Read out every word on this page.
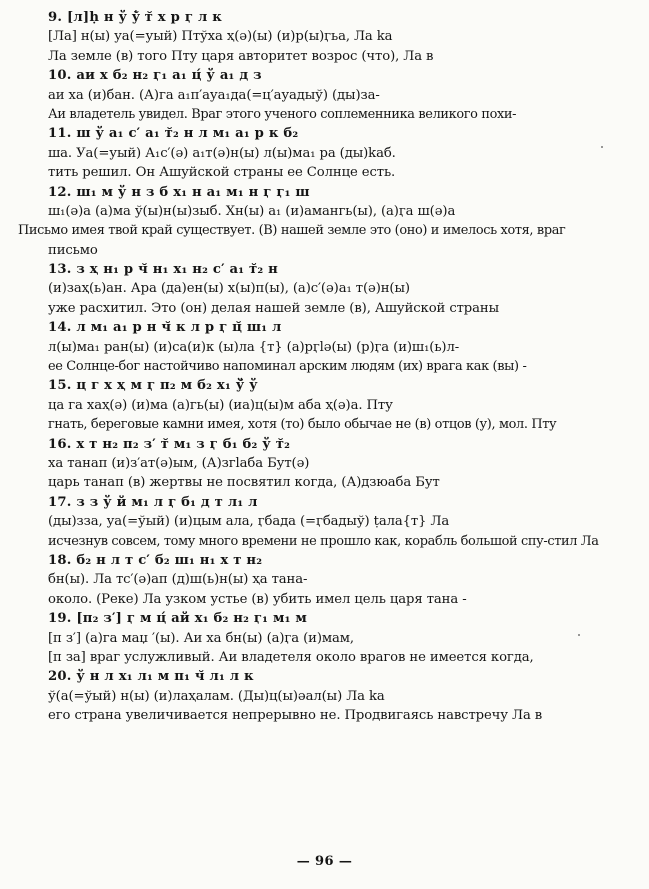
9. [л]ḥ н ў ẏ̆ т̆ х р ӷ л к
[Ла] н(ы) уа(=уый) Птўха ҳ(ә)(ы) (и)р(ы)ӷьа, Ла ka
Ла земле (в) того Пту царя авторитет возрос (что), Ла в
10. аи х б₂ н₂ ӷ₁ а₁ ц́ ў а₁ д з
аи ха (и)бан. (А)га а₁п′ауа₁да(=ц′ауадыў) (ды)за-
Аи владетель увидел. Враг этого ученого соплеменника великого похи-
11. ш ў а₁ с′ а₁ т̆₂ н л м₁ а₁ р к б₂
ша. Уа(=уый) А₁с′(ә) а₁т(ә)н(ы) л(ы)ма₁ ра (ды)kаб.
тить решил. Он Ашуйской страны ее Солнце есть.
12. ш₁ м ў н з б х₁ н а₁ м₁ н ӷ ӷ₁ ш
ш₁(ә)а (а)ма ў(ы)н(ы)зыб. Хн(ы) а₁ (и)амангь(ы), (а)ӷа ш(ә)а
Письмо имея твой край существует. (В) нашей земле это (оно) и имелось хотя, враг
письмо
13. з ҳ н₁ р ч̆ н₁ х₁ н₂ с′ а₁ т̆₂ н
(и)заҳ(ь)ан. Ара (да)ен(ы) х(ы)п(ы), (а)с′(ә)а₁ т(ә)н(ы)
уже расхитил. Это (он) делая нашей земле (в), Ашуйской страны
14. л м₁ а₁ р н ч̆ к л р ӷ ц̆ ш₁ л
л(ы)ма₁ ран(ы) (и)са(и)к (ы)ла {т} (а)рӷlә(ы) (р)ӷа (и)ш₁(ь)л-
ее Солнце-бог настойчиво напоминал арским людям (их) врага как (вы) -
15. ц г х ҳ м ӷ п₂ м б₂ х₁ ў̆ ў
ца га хаҳ(ә) (и)ма (а)гь(ы) (иа)ц(ы)м аба ҳ(ә)а. Пту
гнать, береговые камни имея, хотя (то) было обычае не (в) отцов (у), мол. Пту
16. х т н₂ п₂ з′ т̆ м₁ з ӷ б₁ б₂ ў т̆₂
ха танап (и)з′ат(ә)ым, (А)згlаба Бут(ә)
царь танап (в) жертвы не посвятил когда, (А)дзюаба Бут
17. з з ў й м₁ л ӷ б₁ д т л₁ л
(ды)ззa, уа(=ўый) (и)цым ала, ӷбада (=ӷбадыў) ṭала{т} Ла
исчезнув совсем, тому много времени не прошло как, корабль большой спу-стил Ла
18. б₂ н л т с′ б₂ ш₁ н₁ х т н₂
бн(ы). Ла тс′(ә)ап (д)ш(ь)н(ы) ҳа тана-
около. (Реке) Ла узком устье (в) убить имел цель царя тана -
19. [п₂ з′] ӷ м ц́ ай х₁ б₂ н₂ ӷ₁ м₁ м
[п з′] (а)га маџ ′(ы). Аи ха бн(ы) (а)ӷа (и)мам,
[п за] враг услужливый. Аи владетеля около врагов не имеется когда,
20. ў н л х₁ л₁ м п₁ ч̆ л₁ л к
ў(а(=ўый) н(ы) (и)лаҳалам. (Ды)ц(ы)ǝал(ы) Ла ka
его страна увеличивается непрерывно не. Продвигаясь навстречу Ла в
— 96 —
